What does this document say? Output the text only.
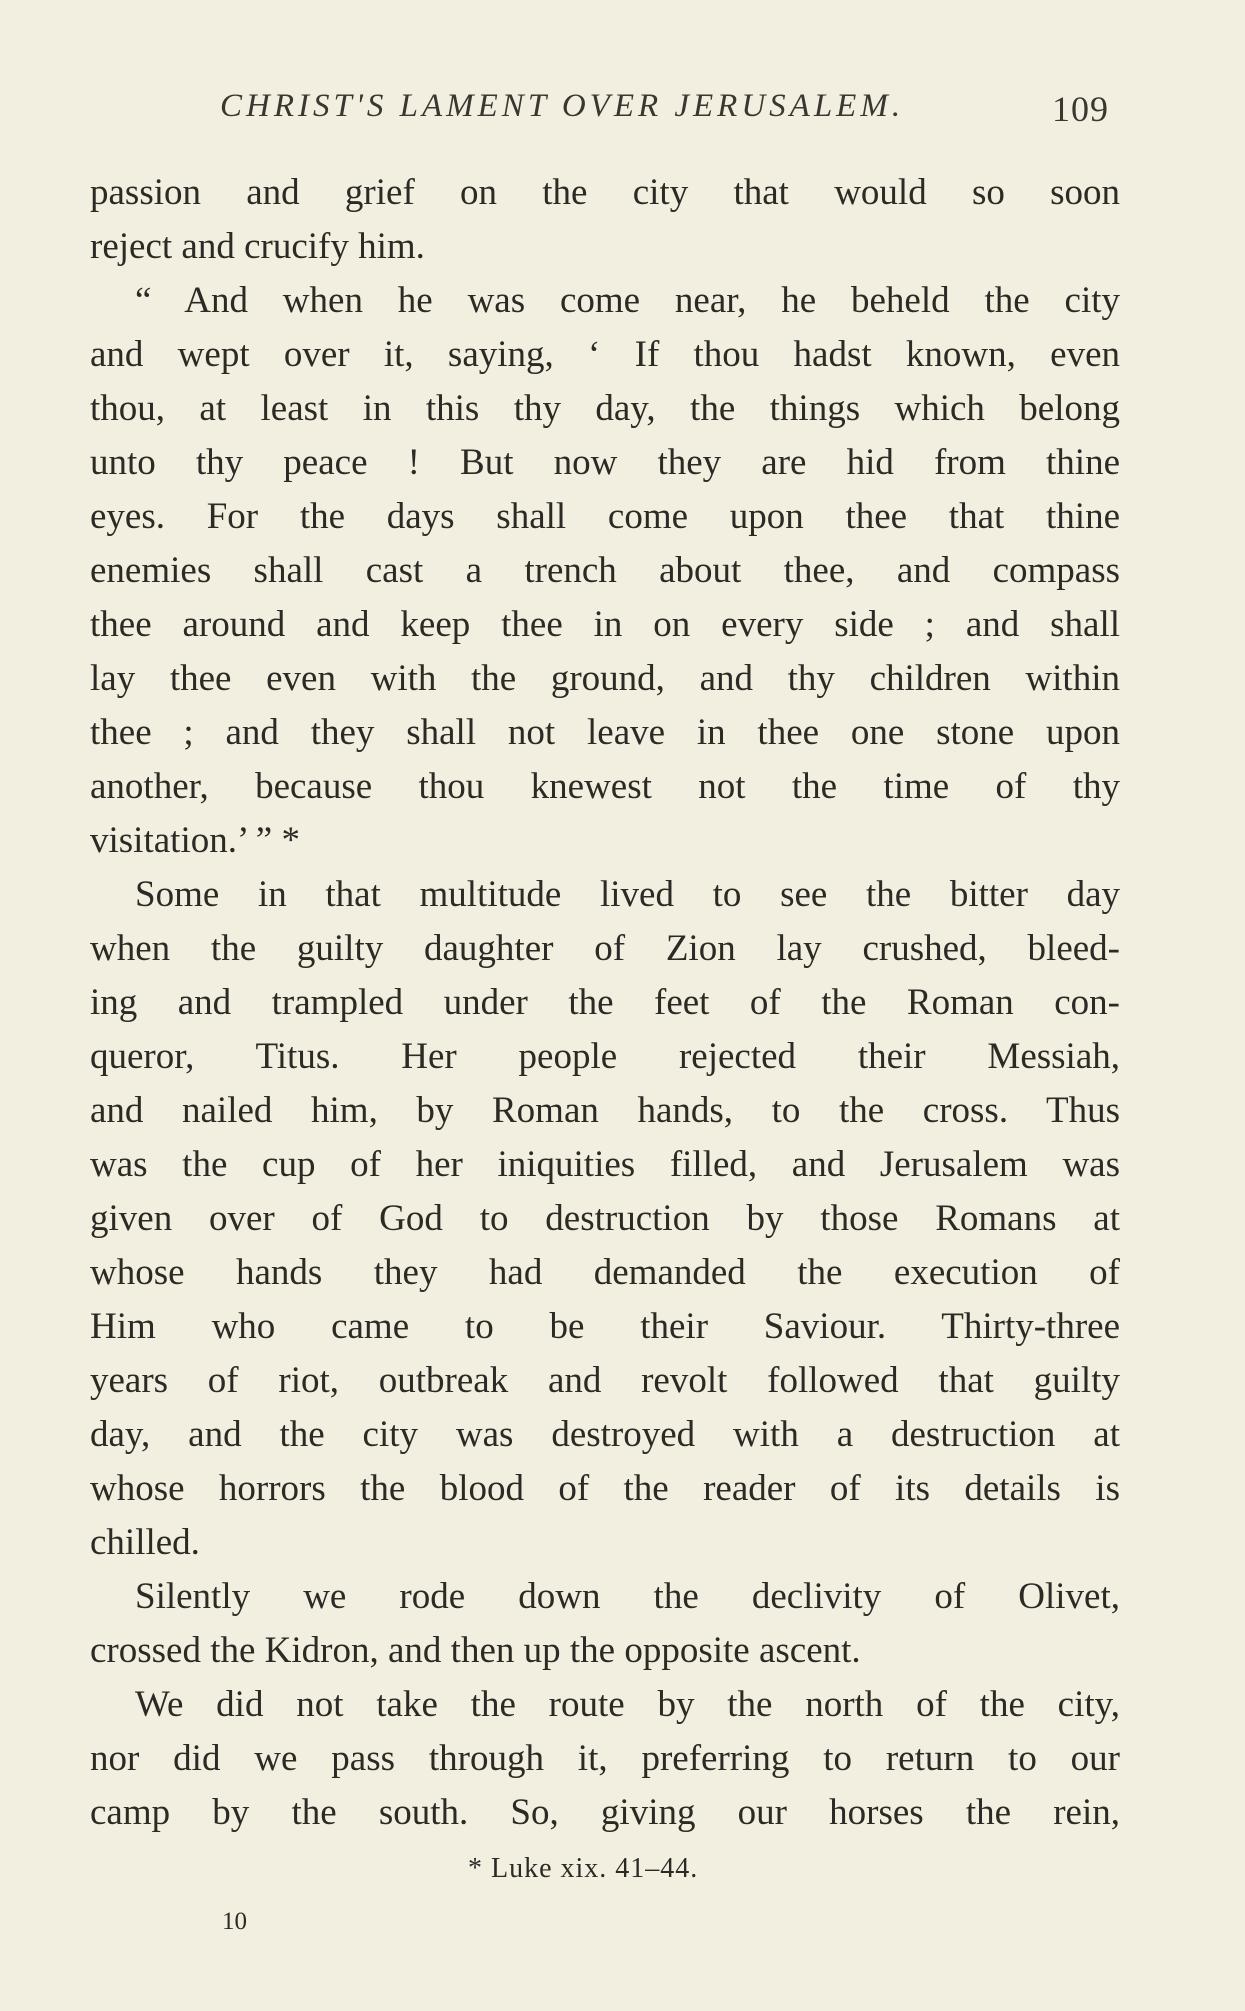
CHRIST'S LAMENT OVER JERUSALEM.	109
passion and grief on the city that would so soon
reject and crucify him.
“ And when he was come near, he beheld the city
and wept over it, saying, ‘ If thou hadst known, even
thou, at least in this thy day, the things which belong
unto thy peace ! But now they are hid from thine
eyes. For the days shall come upon thee that thine
enemies shall cast a trench about thee, and compass
thee around and keep thee in on every side ; and shall
lay thee even with the ground, and thy children within
thee ; and they shall not leave in thee one stone upon
another, because thou knewest not the time of thy
visitation.’ ” *
Some in that multitude lived to see the bitter day
when the guilty daughter of Zion lay crushed, bleed-
ing and trampled under the feet of the Roman con-
queror, Titus. Her people rejected their Messiah,
and nailed him, by Roman hands, to the cross. Thus
was the cup of her iniquities filled, and Jerusalem was
given over of God to destruction by those Romans at
whose hands they had demanded the execution of
Him who came to be their Saviour. Thirty-three
years of riot, outbreak and revolt followed that guilty
day, and the city was destroyed with a destruction at
whose horrors the blood of the reader of its details is
chilled.
Silently we rode down the declivity of Olivet,
crossed the Kidron, and then up the opposite ascent.
We did not take the route by the north of the city,
nor did we pass through it, preferring to return to our
camp by the south. So, giving our horses the rein,
* Luke xix. 41–44.
10
